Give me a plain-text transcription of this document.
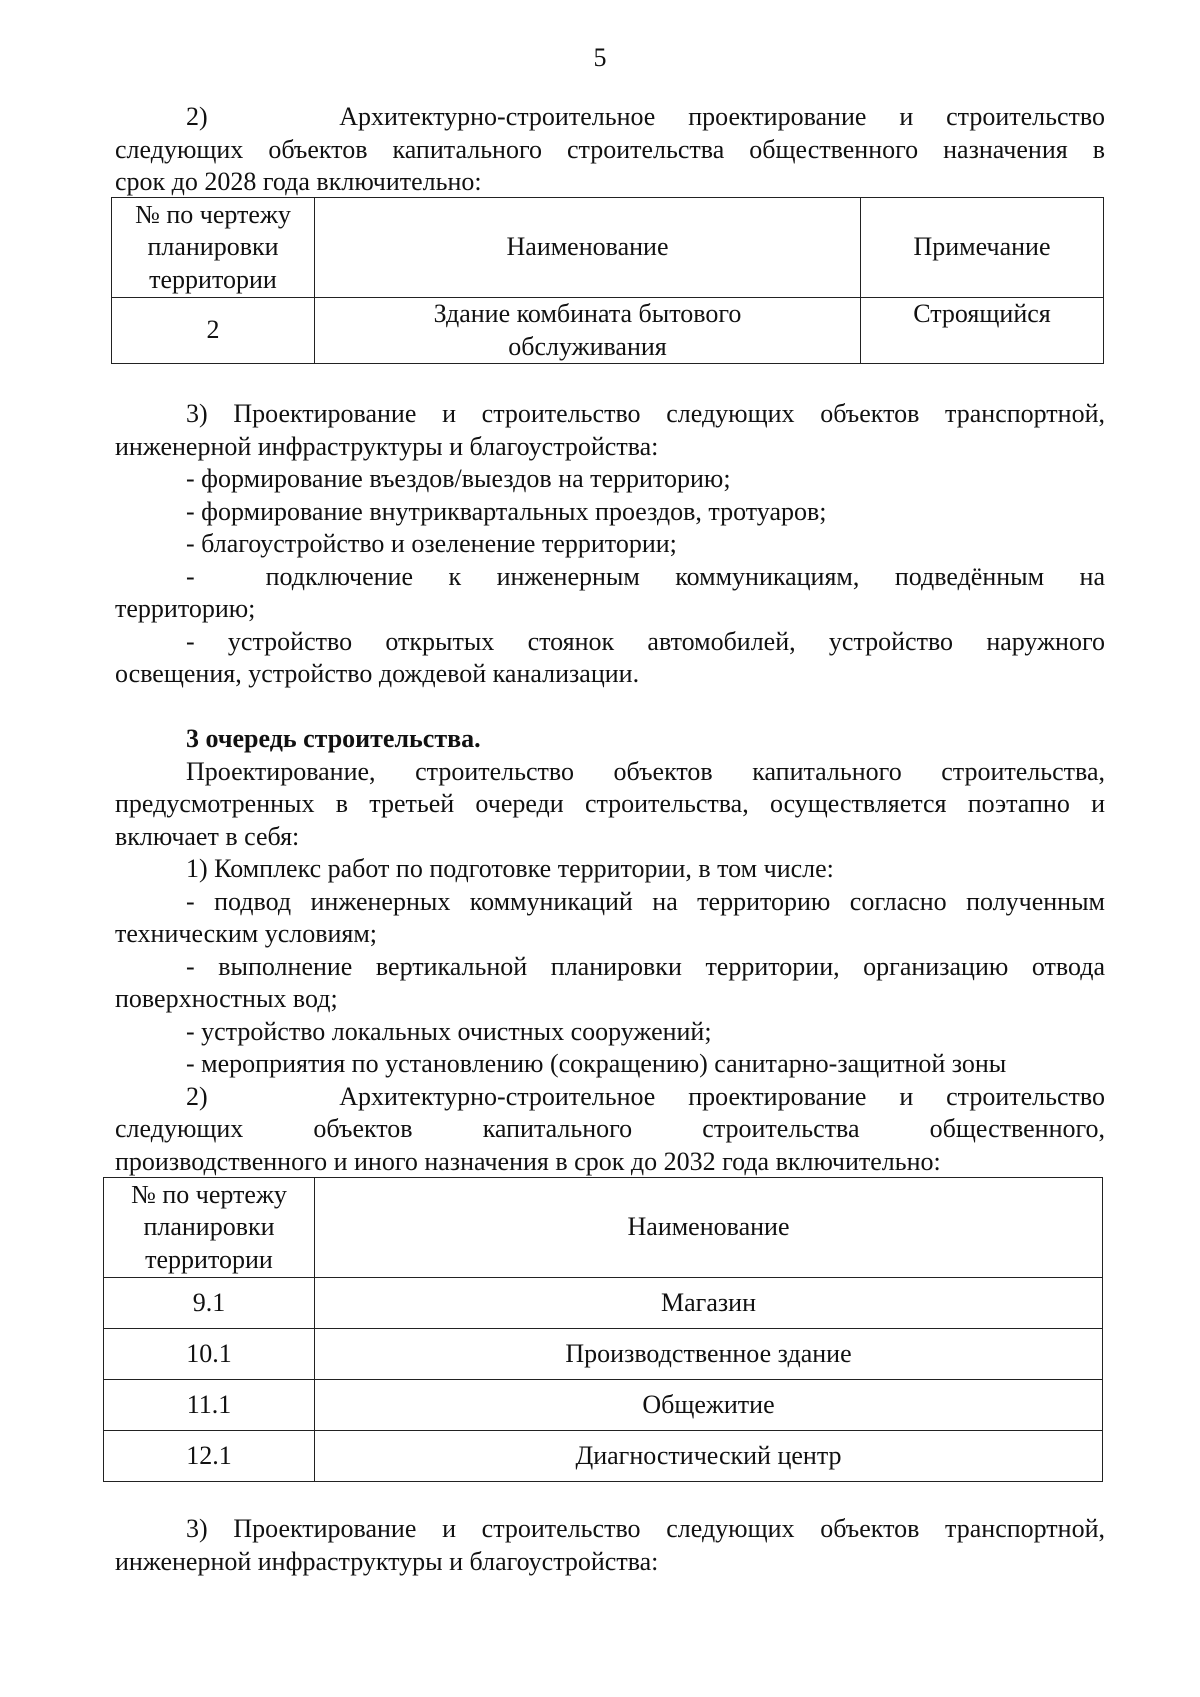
5
2)    Архитектурно-строительное проектирование и строительство
следующих объектов капитального строительства общественного назначения в
срок до 2028 года включительно:
№ по чертежу планировки территории	Наименование	Примечание
2	Здание комбината бытового обслуживания	Строящийся
3) Проектирование и строительство следующих объектов транспортной,
инженерной инфраструктуры и благоустройства:
- формирование въездов/выездов на территорию;
- формирование внутриквартальных проездов, тротуаров;
- благоустройство и озеленение территории;
-  подключение к инженерным коммуникациям, подведённым на
территорию;
- устройство открытых стоянок автомобилей, устройство наружного
освещения, устройство дождевой канализации.
3 очередь строительства.
Проектирование, строительство объектов капитального строительства,
предусмотренных в третьей очереди строительства, осуществляется поэтапно и
включает в себя:
1) Комплекс работ по подготовке территории, в том числе:
- подвод инженерных коммуникаций на территорию согласно полученным
техническим условиям;
- выполнение вертикальной планировки территории, организацию отвода
поверхностных вод;
- устройство локальных очистных сооружений;
- мероприятия по установлению (сокращению) санитарно-защитной зоны
2)    Архитектурно-строительное проектирование и строительство
следующих объектов капитального строительства общественного,
производственного и иного назначения в срок до 2032 года включительно:
№ по чертежу планировки территории	Наименование
9.1	Магазин
10.1	Производственное здание
11.1	Общежитие
12.1	Диагностический центр
3) Проектирование и строительство следующих объектов транспортной,
инженерной инфраструктуры и благоустройства:
